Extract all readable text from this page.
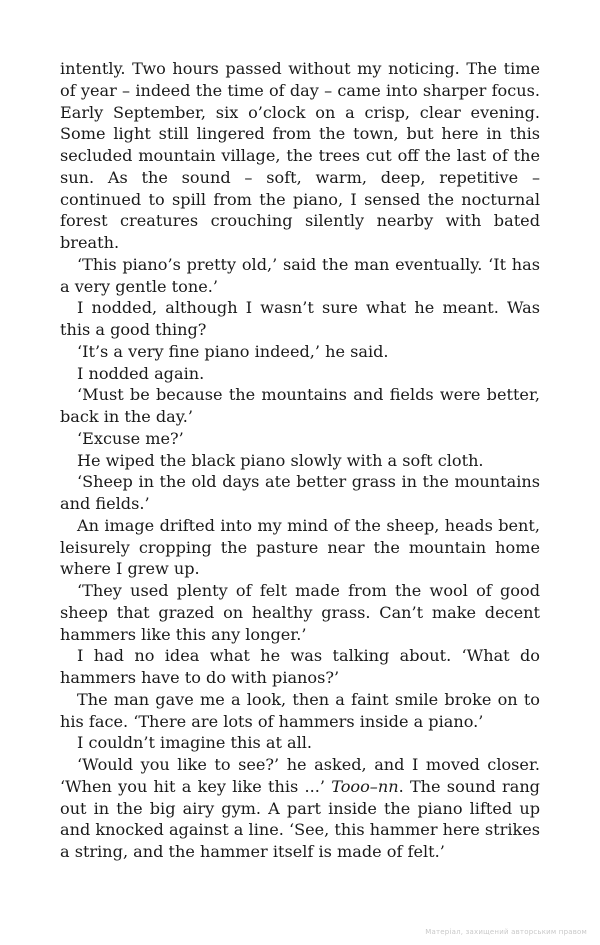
intently. Two hours passed without my noticing. The time of year – indeed the time of day – came into sharper focus. Early September, six o’clock on a crisp, clear evening. Some light still lingered from the town, but here in this secluded mountain village, the trees cut off the last of the sun. As the sound – soft, warm, deep, repetitive – continued to spill from the piano, I sensed the nocturnal forest creatures crouching silently nearby with bated breath.

‘This piano’s pretty old,’ said the man eventually. ‘It has a very gentle tone.’

I nodded, although I wasn’t sure what he meant. Was this a good thing?

‘It’s a very fine piano indeed,’ he said.

I nodded again.

‘Must be because the mountains and fields were better, back in the day.’

‘Excuse me?’

He wiped the black piano slowly with a soft cloth.

‘Sheep in the old days ate better grass in the mountains and fields.’

An image drifted into my mind of the sheep, heads bent, leisurely cropping the pasture near the mountain home where I grew up.

‘They used plenty of felt made from the wool of good sheep that grazed on healthy grass. Can’t make decent hammers like this any longer.’

I had no idea what he was talking about. ‘What do hammers have to do with pianos?’

The man gave me a look, then a faint smile broke on to his face. ‘There are lots of hammers inside a piano.’

I couldn’t imagine this at all.

‘Would you like to see?’ he asked, and I moved closer. ‘When you hit a key like this ...’ Tooo–nn. The sound rang out in the big airy gym. A part inside the piano lifted up and knocked against a line. ‘See, this hammer here strikes a string, and the hammer itself is made of felt.’

Матеріал, захищений авторським правом
